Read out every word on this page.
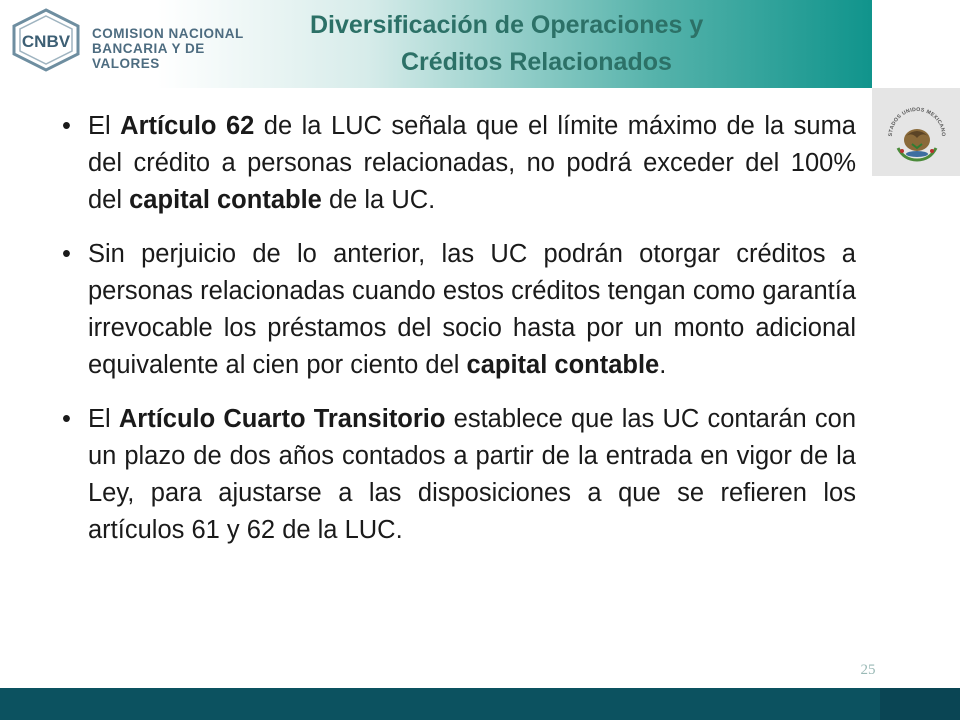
CNBV COMISION NACIONAL
BANCARIA Y DE VALORES
Diversificación de Operaciones y
Créditos Relacionados
STADOS UNIDOS MEXICANO

• El Artículo 62 de la LUC señala que el límite máximo de la suma del crédito a personas relacionadas, no podrá exceder del 100% del capital contable de la UC.

• Sin perjuicio de lo anterior, las UC podrán otorgar créditos a personas relacionadas cuando estos créditos tengan como garantía irrevocable los préstamos del socio hasta por un monto adicional equivalente al cien por ciento del capital contable.

• El Artículo Cuarto Transitorio establece que las UC contarán con un plazo de dos años contados a partir de la entrada en vigor de la Ley, para ajustarse a las disposiciones a que se refieren los artículos 61 y 62 de la LUC.

25
